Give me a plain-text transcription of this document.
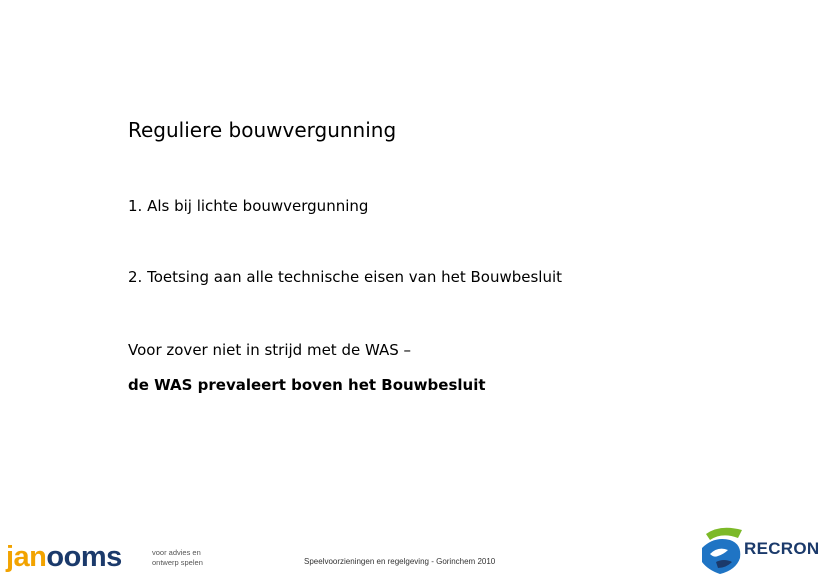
Reguliere bouwvergunning
1. Als bij lichte bouwvergunning
2. Toetsing aan alle technische eisen van het Bouwbesluit
Voor zover niet in strijd met de WAS –
de WAS prevaleert boven het Bouwbesluit
janooms	voor advies en
ontwerp spelen	Speelvoorzieningen en regelgeving - Gorinchem 2010
RECRON
